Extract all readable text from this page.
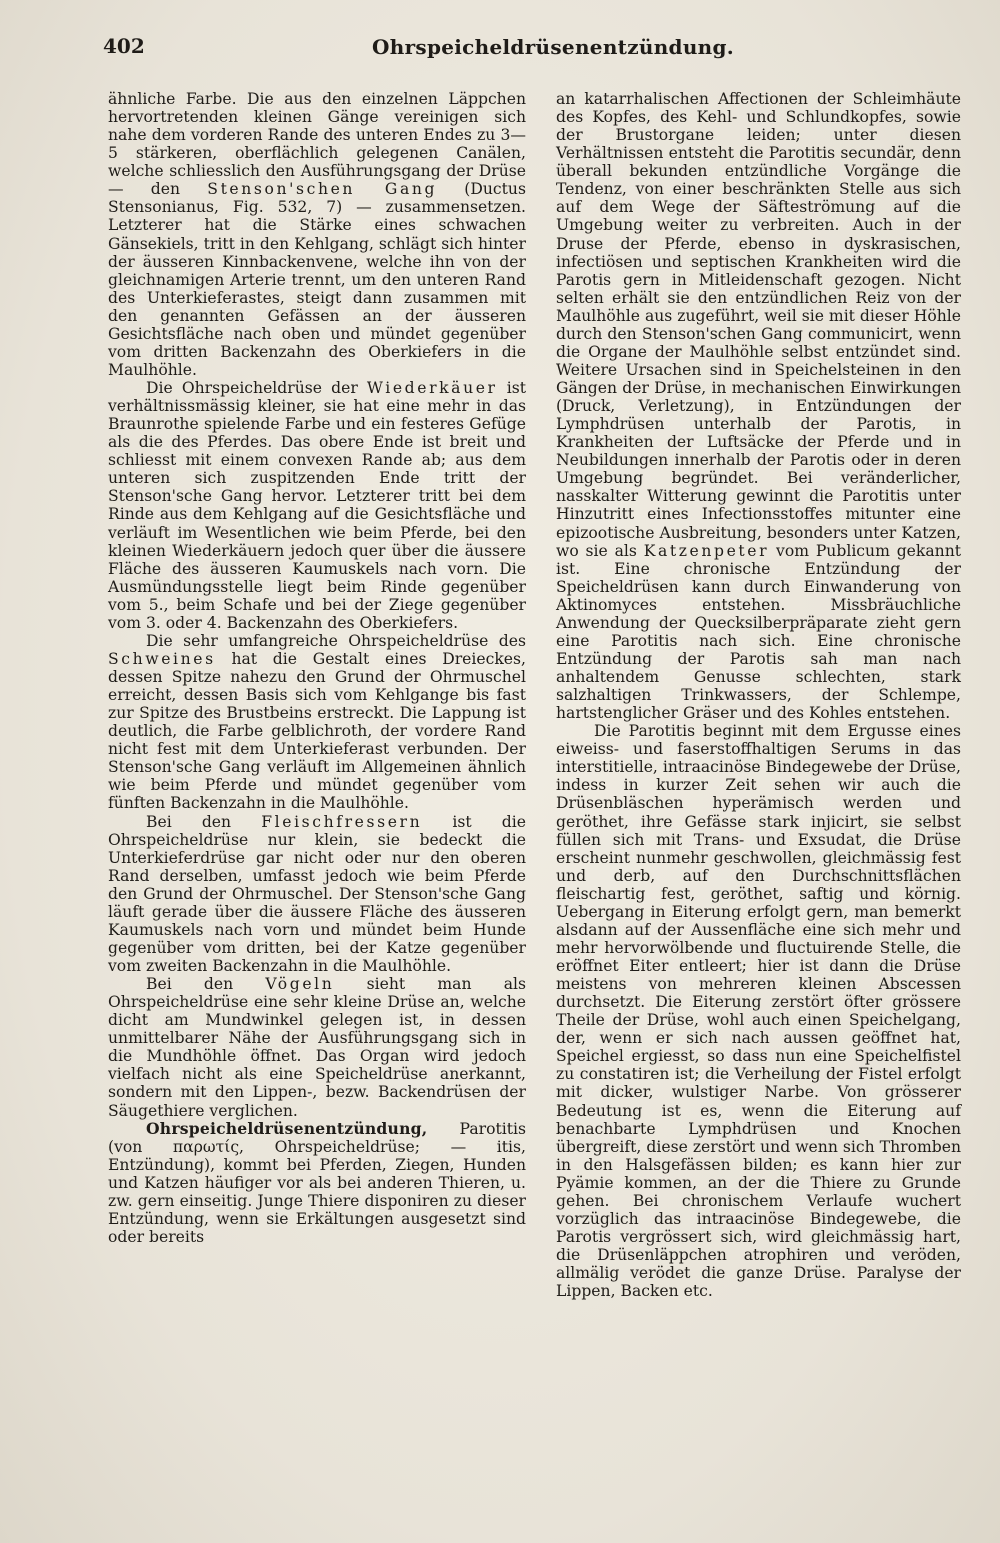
402	Ohrspeicheldrüsenentzündung.

ähnliche Farbe. Die aus den einzelnen Läppchen hervortretenden kleinen Gänge vereinigen sich nahe dem vorderen Rande des unteren Endes zu 3—5 stärkeren, oberflächlich gelegenen Canälen, welche schliesslich den Ausführungsgang der Drüse — den Stenson'schen Gang (Ductus Stensonianus, Fig. 532, 7) — zusammensetzen. Letzterer hat die Stärke eines schwachen Gänsekiels, tritt in den Kehlgang, schlägt sich hinter der äusseren Kinnbackenvene, welche ihn von der gleichnamigen Arterie trennt, um den unteren Rand des Unterkieferastes, steigt dann zusammen mit den genannten Gefässen an der äusseren Gesichtsfläche nach oben und mündet gegenüber vom dritten Backenzahn des Oberkiefers in die Maulhöhle.

Die Ohrspeicheldrüse der Wiederkäuer ist verhältnissmässig kleiner, sie hat eine mehr in das Braunrothe spielende Farbe und ein festeres Gefüge als die des Pferdes. Das obere Ende ist breit und schliesst mit einem convexen Rande ab; aus dem unteren sich zuspitzenden Ende tritt der Stenson'sche Gang hervor. Letzterer tritt bei dem Rinde aus dem Kehlgang auf die Gesichtsfläche und verläuft im Wesentlichen wie beim Pferde, bei den kleinen Wiederkäuern jedoch quer über die äussere Fläche des äusseren Kaumuskels nach vorn. Die Ausmündungsstelle liegt beim Rinde gegenüber vom 5., beim Schafe und bei der Ziege gegenüber vom 3. oder 4. Backenzahn des Oberkiefers.

Die sehr umfangreiche Ohrspeicheldrüse des Schweines hat die Gestalt eines Dreieckes, dessen Spitze nahezu den Grund der Ohrmuschel erreicht, dessen Basis sich vom Kehlgange bis fast zur Spitze des Brustbeins erstreckt. Die Lappung ist deutlich, die Farbe gelblichroth, der vordere Rand nicht fest mit dem Unterkieferast verbunden. Der Stenson'sche Gang verläuft im Allgemeinen ähnlich wie beim Pferde und mündet gegenüber vom fünften Backenzahn in die Maulhöhle.

Bei den Fleischfressern ist die Ohrspeicheldrüse nur klein, sie bedeckt die Unterkieferdrüse gar nicht oder nur den oberen Rand derselben, umfasst jedoch wie beim Pferde den Grund der Ohrmuschel. Der Stenson'sche Gang läuft gerade über die äussere Fläche des äusseren Kaumuskels nach vorn und mündet beim Hunde gegenüber vom dritten, bei der Katze gegenüber vom zweiten Backenzahn in die Maulhöhle.

Bei den Vögeln sieht man als Ohrspeicheldrüse eine sehr kleine Drüse an, welche dicht am Mundwinkel gelegen ist, in dessen unmittelbarer Nähe der Ausführungsgang sich in die Mundhöhle öffnet. Das Organ wird jedoch vielfach nicht als eine Speicheldrüse anerkannt, sondern mit den Lippen-, bezw. Backendrüsen der Säugethiere verglichen.

Ohrspeicheldrüsenentzündung, Parotitis (von παρωτίς, Ohrspeicheldrüse; — itis, Entzündung), kommt bei Pferden, Ziegen, Hunden und Katzen häufiger vor als bei anderen Thieren, u. zw. gern einseitig. Junge Thiere disponiren zu dieser Entzündung, wenn sie Erkältungen ausgesetzt sind oder bereits

an katarrhalischen Affectionen der Schleimhäute des Kopfes, des Kehl- und Schlundkopfes, sowie der Brustorgane leiden; unter diesen Verhältnissen entsteht die Parotitis secundär, denn überall bekunden entzündliche Vorgänge die Tendenz, von einer beschränkten Stelle aus sich auf dem Wege der Säfteströmung auf die Umgebung weiter zu verbreiten. Auch in der Druse der Pferde, ebenso in dyskrasischen, infectiösen und septischen Krankheiten wird die Parotis gern in Mitleidenschaft gezogen. Nicht selten erhält sie den entzündlichen Reiz von der Maulhöhle aus zugeführt, weil sie mit dieser Höhle durch den Stenson'schen Gang communicirt, wenn die Organe der Maulhöhle selbst entzündet sind. Weitere Ursachen sind in Speichelsteinen in den Gängen der Drüse, in mechanischen Einwirkungen (Druck, Verletzung), in Entzündungen der Lymphdrüsen unterhalb der Parotis, in Krankheiten der Luftsäcke der Pferde und in Neubildungen innerhalb der Parotis oder in deren Umgebung begründet. Bei veränderlicher, nasskalter Witterung gewinnt die Parotitis unter Hinzutritt eines Infectionsstoffes mitunter eine epizootische Ausbreitung, besonders unter Katzen, wo sie als Katzenpeter vom Publicum gekannt ist. Eine chronische Entzündung der Speicheldrüsen kann durch Einwanderung von Aktinomyces entstehen. Missbräuchliche Anwendung der Quecksilberpräparate zieht gern eine Parotitis nach sich. Eine chronische Entzündung der Parotis sah man nach anhaltendem Genusse schlechten, stark salzhaltigen Trinkwassers, der Schlempe, hartstenglicher Gräser und des Kohles entstehen.

Die Parotitis beginnt mit dem Ergusse eines eiweiss- und faserstoffhaltigen Serums in das interstitielle, intraacinöse Bindegewebe der Drüse, indess in kurzer Zeit sehen wir auch die Drüsenbläschen hyperämisch werden und geröthet, ihre Gefässe stark injicirt, sie selbst füllen sich mit Trans- und Exsudat, die Drüse erscheint nunmehr geschwollen, gleichmässig fest und derb, auf den Durchschnittsflächen fleischartig fest, geröthet, saftig und körnig. Uebergang in Eiterung erfolgt gern, man bemerkt alsdann auf der Aussenfläche eine sich mehr und mehr hervorwölbende und fluctuirende Stelle, die eröffnet Eiter entleert; hier ist dann die Drüse meistens von mehreren kleinen Abscessen durchsetzt. Die Eiterung zerstört öfter grössere Theile der Drüse, wohl auch einen Speichelgang, der, wenn er sich nach aussen geöffnet hat, Speichel ergiesst, so dass nun eine Speichelfistel zu constatiren ist; die Verheilung der Fistel erfolgt mit dicker, wulstiger Narbe. Von grösserer Bedeutung ist es, wenn die Eiterung auf benachbarte Lymphdrüsen und Knochen übergreift, diese zerstört und wenn sich Thromben in den Halsgefässen bilden; es kann hier zur Pyämie kommen, an der die Thiere zu Grunde gehen. Bei chronischem Verlaufe wuchert vorzüglich das intraacinöse Bindegewebe, die Parotis vergrössert sich, wird gleichmässig hart, die Drüsenläppchen atrophiren und veröden, allmälig verödet die ganze Drüse. Paralyse der Lippen, Backen etc.
